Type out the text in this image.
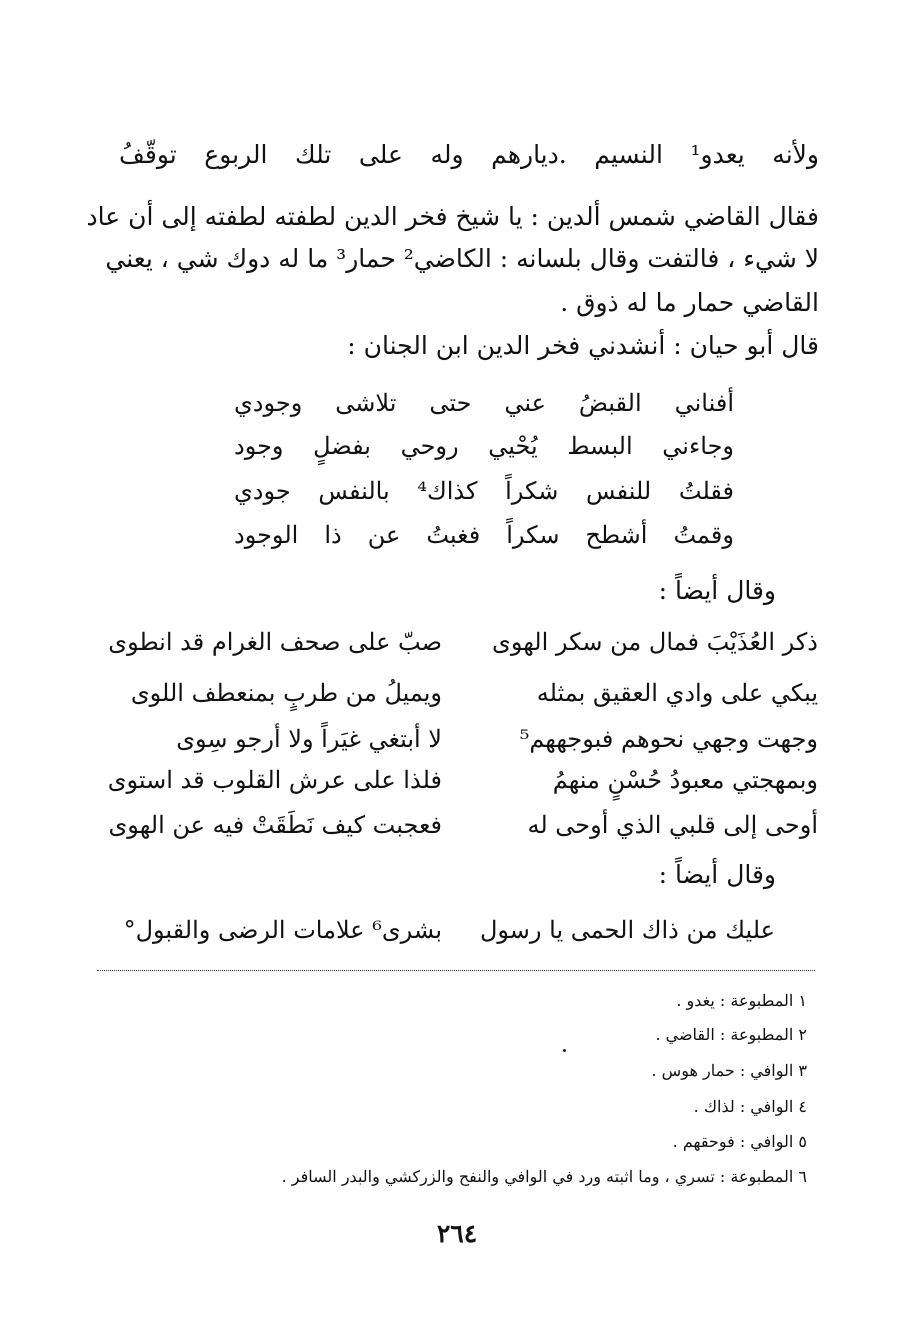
ولأنه يعدو¹ النسيم .ديارهم وله على تلك الربوع توقّفُ
فقال القاضي شمس ألدين : يا شيخ فخر الدين لطفته لطفته إلى أن عاد
لا شيء ، فالتفت وقال بلسانه : الكاضي² حمار³ ما له دوك شي ، يعني
القاضي حمار ما له ذوق .
قال أبو حيان : أنشدني فخر الدين ابن الجنان :
أفناني القبضُ عني حتى تلاشى وجودي
وجاءني البسط يُحْيي روحي بفضلٍ وجود
فقلتُ للنفس شكراً كذاك⁴ بالنفس جودي
وقمتُ أشطح سكراً فغبتُ عن ذا الوجود
وقال أيضاً :
ذكر العُذَيْبَ فمال من سكر الهوى
صبّ على صحف الغرام قد انطوى
يبكي على وادي العقيق بمثله
ويميلُ من طربٍ بمنعطف اللوى
وجهت وجهي نحوهم فبوجههم⁵
لا أبتغي غيَراً ولا أرجو سِوى
وبمهجتي معبودُ حُسْنٍ منهمُ
فلذا على عرش القلوب قد استوى
أوحى إلى قلبي الذي أوحى له
فعجبت كيف نَطَقَتْ فيه عن الهوى
وقال أيضاً :
عليك من ذاك الحمى يا رسول
بشرى⁶ علامات الرضى والقبول°
١ المطبوعة : يغدو .
٢ المطبوعة : القاضي .
٣ الوافي : حمار هوس .
٤ الوافي : لذاك .
٥ الوافي : فوحقهم .
٦ المطبوعة : تسري ، وما اثبته ورد في الوافي والنفح والزركشي والبدر السافر .
٢٦٤
